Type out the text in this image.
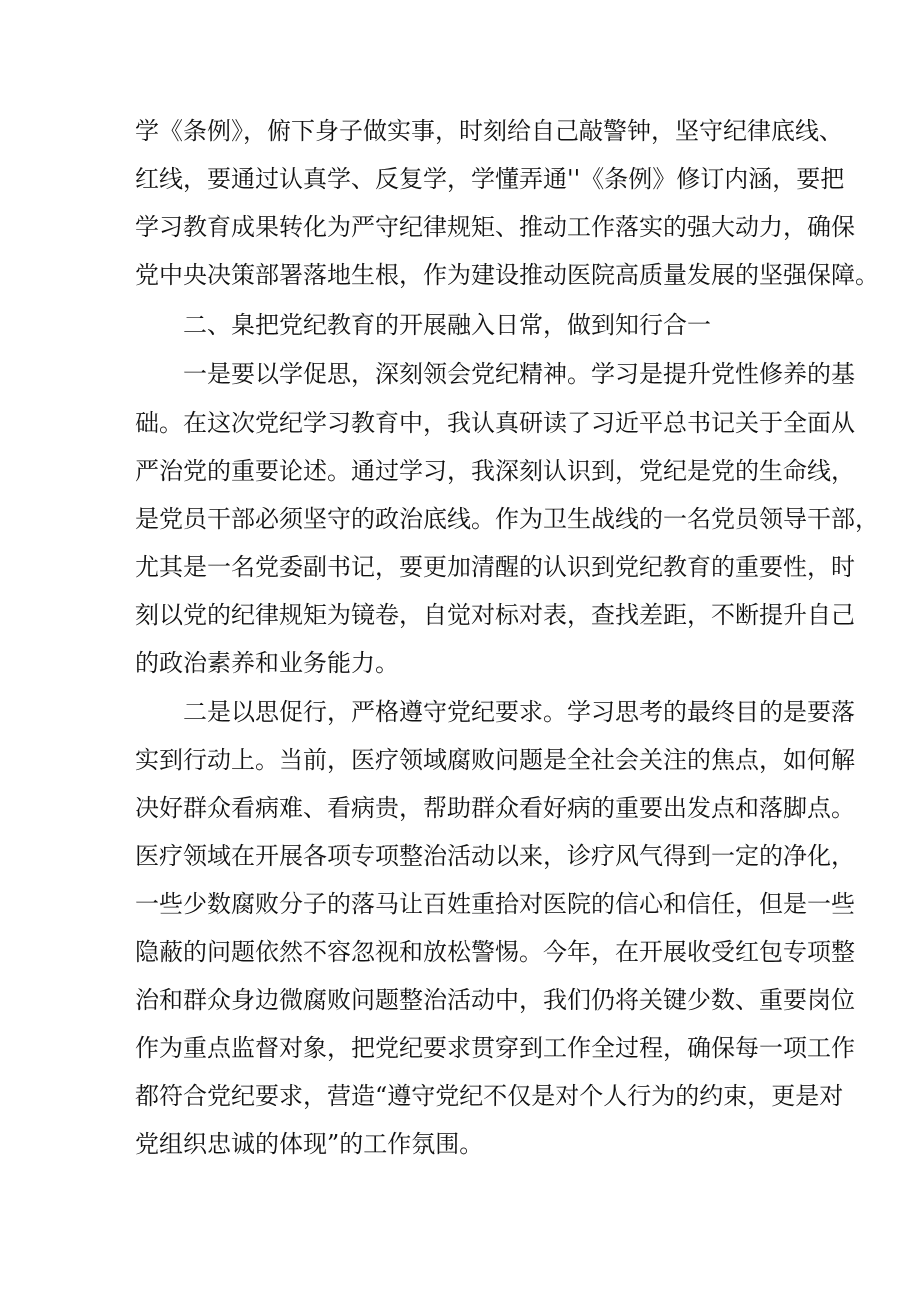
学《条例》，俯下身子做实事，时刻给自己敲警钟，坚守纪律底线、
红线，要通过认真学、反复学，学懂弄通''《条例》修订内涵，要把
学习教育成果转化为严守纪律规矩、推动工作落实的强大动力，确保
党中央决策部署落地生根，作为建设推动医院高质量发展的坚强保障。
二、臬把党纪教育的开展融入日常，做到知行合一
一是要以学促思，深刻领会党纪精神。学习是提升党性修养的基
础。在这次党纪学习教育中，我认真研读了习近平总书记关于全面从
严治党的重要论述。通过学习，我深刻认识到，党纪是党的生命线，
是党员干部必须坚守的政治底线。作为卫生战线的一名党员领导干部，
尤其是一名党委副书记，要更加清醒的认识到党纪教育的重要性，时
刻以党的纪律规矩为镜卷，自觉对标对表，查找差距，不断提升自己
的政治素养和业务能力。
二是以思促行，严格遵守党纪要求。学习思考的最终目的是要落
实到行动上。当前，医疗领域腐败问题是全社会关注的焦点，如何解
决好群众看病难、看病贵，帮助群众看好病的重要出发点和落脚点。
医疗领域在开展各项专项整治活动以来，诊疗风气得到一定的净化，
一些少数腐败分子的落马让百姓重拾对医院的信心和信任，但是一些
隐蔽的问题依然不容忽视和放松警惕。今年，在开展收受红包专项整
治和群众身边微腐败问题整治活动中，我们仍将关键少数、重要岗位
作为重点监督对象，把党纪要求贯穿到工作全过程，确保每一项工作
都符合党纪要求，营造“遵守党纪不仅是对个人行为的约束，更是对
党组织忠诚的体现”的工作氛围。
